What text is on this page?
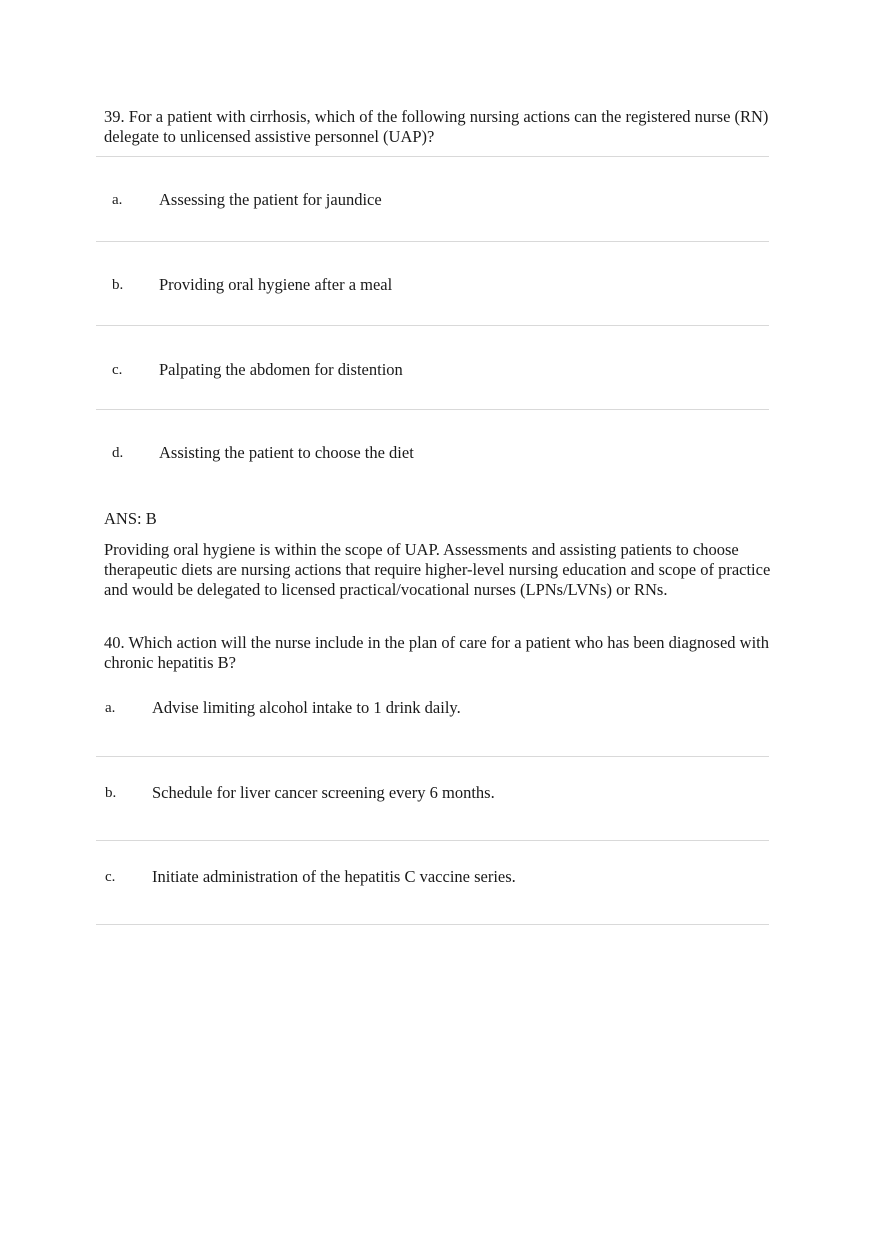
39. For a patient with cirrhosis, which of the following nursing actions can the registered nurse (RN) delegate to unlicensed assistive personnel (UAP)?
a. Assessing the patient for jaundice
b. Providing oral hygiene after a meal
c. Palpating the abdomen for distention
d. Assisting the patient to choose the diet
ANS: B
Providing oral hygiene is within the scope of UAP. Assessments and assisting patients to choose therapeutic diets are nursing actions that require higher-level nursing education and scope of practice and would be delegated to licensed practical/vocational nurses (LPNs/LVNs) or RNs.
40. Which action will the nurse include in the plan of care for a patient who has been diagnosed with chronic hepatitis B?
a. Advise limiting alcohol intake to 1 drink daily.
b. Schedule for liver cancer screening every 6 months.
c. Initiate administration of the hepatitis C vaccine series.
